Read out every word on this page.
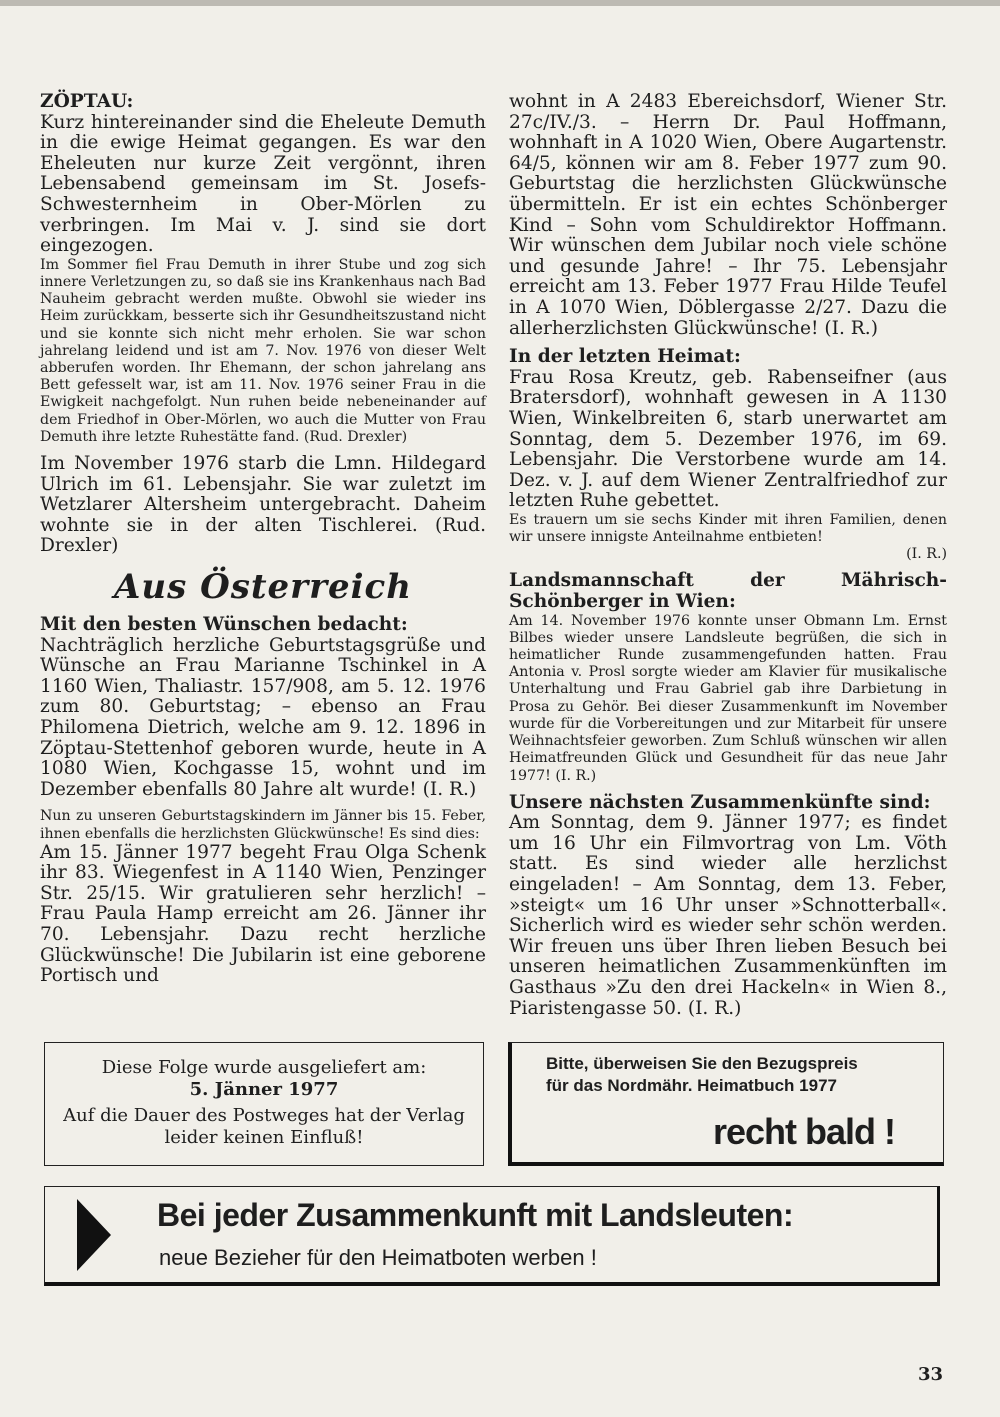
ZÖPTAU:

Kurz hintereinander sind die Eheleute Demuth in die ewige Heimat gegangen. Es war den Eheleuten nur kurze Zeit vergönnt, ihren Lebensabend gemeinsam im St. Josefs-Schwesternheim in Ober-Mörlen zu verbringen. Im Mai v. J. sind sie dort eingezogen.

Im Sommer fiel Frau Demuth in ihrer Stube und zog sich innere Verletzungen zu, so daß sie ins Krankenhaus nach Bad Nauheim gebracht werden mußte. Obwohl sie wieder ins Heim zurückkam, besserte sich ihr Gesundheitszustand nicht und sie konnte sich nicht mehr erholen. Sie war schon jahrelang leidend und ist am 7. Nov. 1976 von dieser Welt abberufen worden. Ihr Ehemann, der schon jahrelang ans Bett gefesselt war, ist am 11. Nov. 1976 seiner Frau in die Ewigkeit nachgefolgt. Nun ruhen beide nebeneinander auf dem Friedhof in Ober-Mörlen, wo auch die Mutter von Frau Demuth ihre letzte Ruhestätte fand. (Rud. Drexler)

Im November 1976 starb die Lmn. Hildegard Ulrich im 61. Lebensjahr. Sie war zuletzt im Wetzlarer Altersheim untergebracht. Daheim wohnte sie in der alten Tischlerei. (Rud. Drexler)

Aus Österreich

Mit den besten Wünschen bedacht:

Nachträglich herzliche Geburtstagsgrüße und Wünsche an Frau Marianne Tschinkel in A 1160 Wien, Thaliastr. 157/908, am 5. 12. 1976 zum 80. Geburtstag; – ebenso an Frau Philomena Dietrich, welche am 9. 12. 1896 in Zöptau-Stettenhof geboren wurde, heute in A 1080 Wien, Kochgasse 15, wohnt und im Dezember ebenfalls 80 Jahre alt wurde! (I. R.)

Nun zu unseren Geburtstagskindern im Jänner bis 15. Feber, ihnen ebenfalls die herzlichsten Glückwünsche! Es sind dies:

Am 15. Jänner 1977 begeht Frau Olga Schenk ihr 83. Wiegenfest in A 1140 Wien, Penzinger Str. 25/15. Wir gratulieren sehr herzlich! – Frau Paula Hamp erreicht am 26. Jänner ihr 70. Lebensjahr. Dazu recht herzliche Glückwünsche! Die Jubilarin ist eine geborene Portisch und

wohnt in A 2483 Ebereichsdorf, Wiener Str. 27c/IV./3. – Herrn Dr. Paul Hoffmann, wohnhaft in A 1020 Wien, Obere Augartenstr. 64/5, können wir am 8. Feber 1977 zum 90. Geburtstag die herzlichsten Glückwünsche übermitteln. Er ist ein echtes Schönberger Kind – Sohn vom Schuldirektor Hoffmann. Wir wünschen dem Jubilar noch viele schöne und gesunde Jahre! – Ihr 75. Lebensjahr erreicht am 13. Feber 1977 Frau Hilde Teufel in A 1070 Wien, Döblergasse 2/27. Dazu die allerherzlichsten Glückwünsche! (I. R.)

In der letzten Heimat:

Frau Rosa Kreutz, geb. Rabenseifner (aus Bratersdorf), wohnhaft gewesen in A 1130 Wien, Winkelbreiten 6, starb unerwartet am Sonntag, dem 5. Dezember 1976, im 69. Lebensjahr. Die Verstorbene wurde am 14. Dez. v. J. auf dem Wiener Zentralfriedhof zur letzten Ruhe gebettet.

Es trauern um sie sechs Kinder mit ihren Familien, denen wir unsere innigste Anteilnahme entbieten!

(I. R.)

Landsmannschaft der Mährisch-Schönberger in Wien:

Am 14. November 1976 konnte unser Obmann Lm. Ernst Bilbes wieder unsere Landsleute begrüßen, die sich in heimatlicher Runde zusammengefunden hatten. Frau Antonia v. Prosl sorgte wieder am Klavier für musikalische Unterhaltung und Frau Gabriel gab ihre Darbietung in Prosa zu Gehör. Bei dieser Zusammenkunft im November wurde für die Vorbereitungen und zur Mitarbeit für unsere Weihnachtsfeier geworben. Zum Schluß wünschen wir allen Heimatfreunden Glück und Gesundheit für das neue Jahr 1977! (I. R.)

Unsere nächsten Zusammenkünfte sind:

Am Sonntag, dem 9. Jänner 1977; es findet um 16 Uhr ein Filmvortrag von Lm. Vöth statt. Es sind wieder alle herzlichst eingeladen! – Am Sonntag, dem 13. Feber, »steigt« um 16 Uhr unser »Schnotterball«. Sicherlich wird es wieder sehr schön werden. Wir freuen uns über Ihren lieben Besuch bei unseren heimatlichen Zusammenkünften im Gasthaus »Zu den drei Hackeln« in Wien 8., Piaristengasse 50. (I. R.)

Diese Folge wurde ausgeliefert am:
5. Jänner 1977
Auf die Dauer des Postweges hat der Verlag leider keinen Einfluß!
Bitte, überweisen Sie den Bezugspreis
für das Nordmähr. Heimatbuch 1977
recht bald !
Bei jeder Zusammenkunft mit Landsleuten:
neue Bezieher für den Heimatboten werben !
33
